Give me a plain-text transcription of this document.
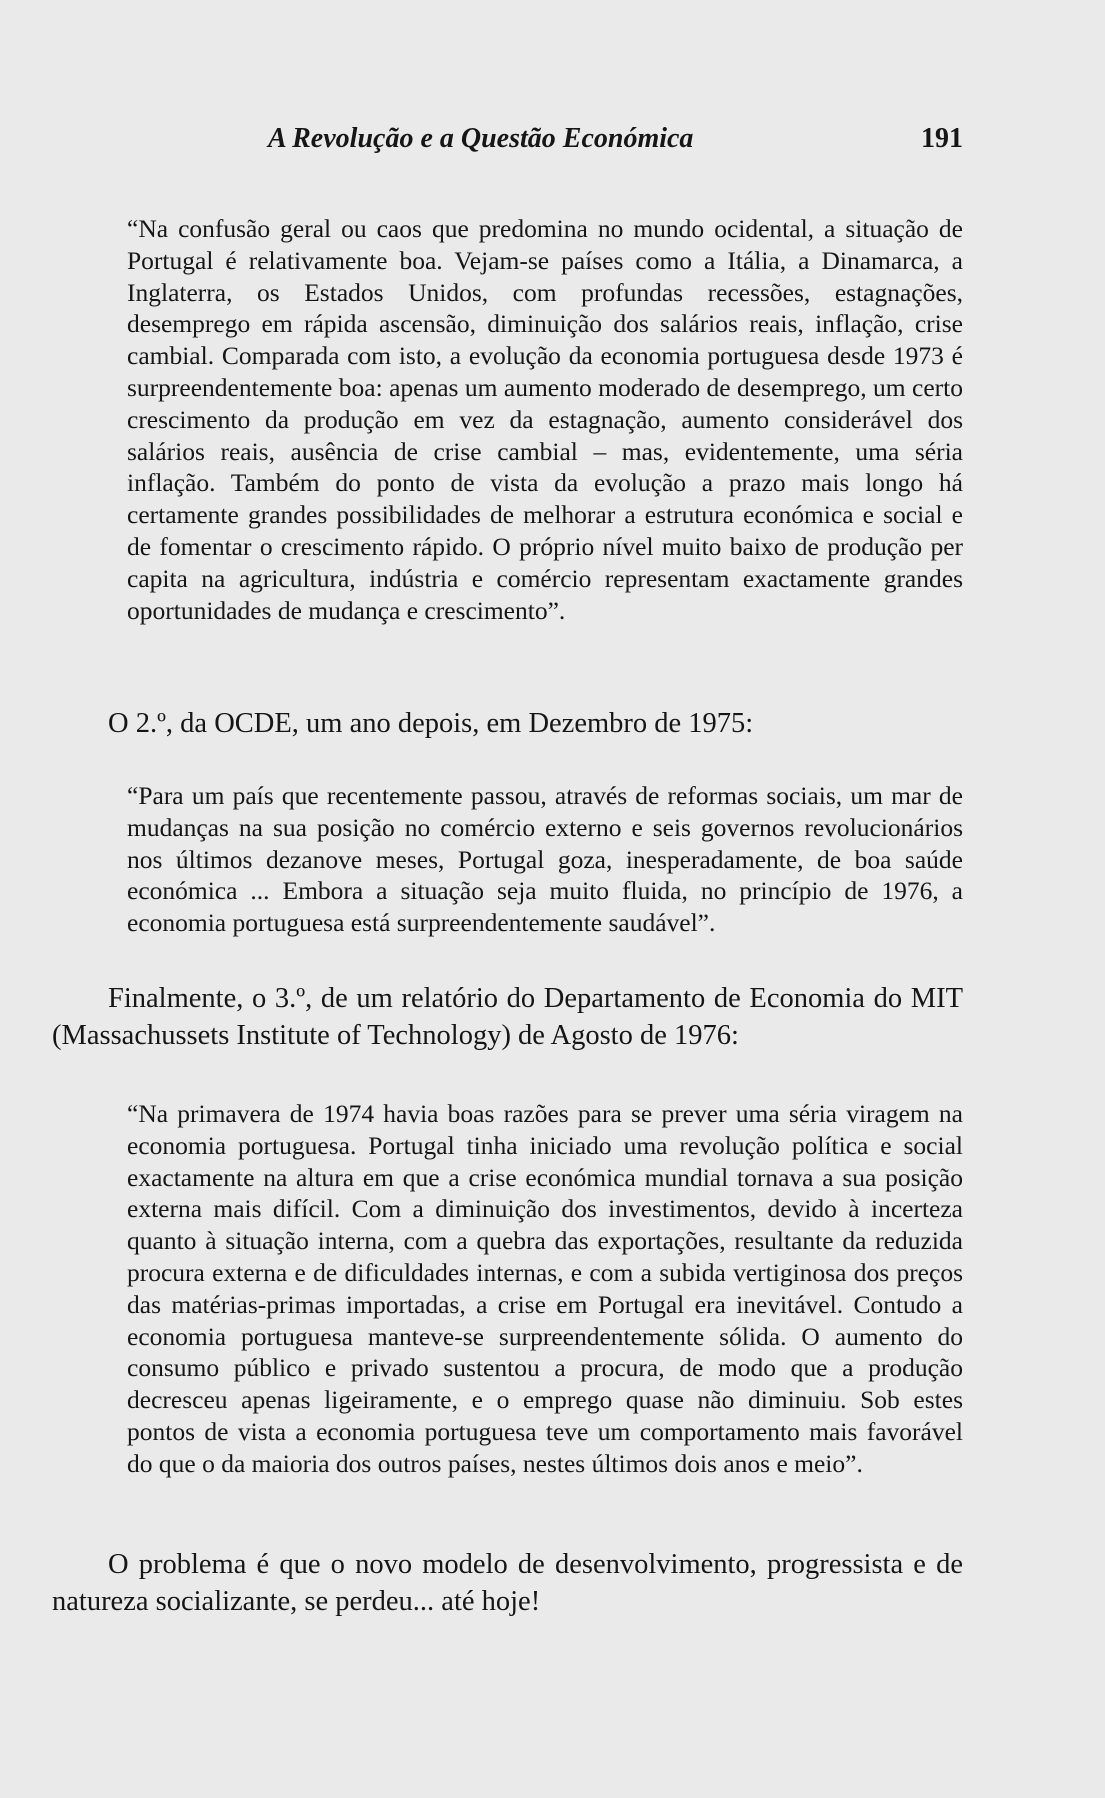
A Revolução e a Questão Económica	191

“Na confusão geral ou caos que predomina no mundo ocidental, a situação de Portugal é relativamente boa. Vejam-se países como a Itália, a Dinamarca, a Inglaterra, os Estados Unidos, com profundas recessões, estagnações, desemprego em rápida ascensão, diminuição dos salários reais, inflação, crise cambial. Comparada com isto, a evolução da economia portuguesa desde 1973 é surpreendentemente boa: apenas um aumento moderado de desemprego, um certo crescimento da produção em vez da estagnação, aumento considerável dos salários reais, ausência de crise cambial – mas, evidentemente, uma séria inflação. Também do ponto de vista da evolução a prazo mais longo há certamente grandes possibilidades de melhorar a estrutura económica e social e de fomentar o crescimento rápido. O próprio nível muito baixo de produção per capita na agricultura, indústria e comércio representam exactamente grandes oportunidades de mudança e crescimento”.

O 2.º, da OCDE, um ano depois, em Dezembro de 1975:

“Para um país que recentemente passou, através de reformas sociais, um mar de mudanças na sua posição no comércio externo e seis governos revolucionários nos últimos dezanove meses, Portugal goza, inesperadamente, de boa saúde económica ... Embora a situação seja muito fluida, no princípio de 1976, a economia portuguesa está surpreendentemente saudável”.

Finalmente, o 3.º, de um relatório do Departamento de Economia do MIT (Massachussets Institute of Technology) de Agosto de 1976:

“Na primavera de 1974 havia boas razões para se prever uma séria viragem na economia portuguesa. Portugal tinha iniciado uma revolução política e social exactamente na altura em que a crise económica mundial tornava a sua posição externa mais difícil. Com a diminuição dos investimentos, devido à incerteza quanto à situação interna, com a quebra das exportações, resultante da reduzida procura externa e de dificuldades internas, e com a subida vertiginosa dos preços das matérias-primas importadas, a crise em Portugal era inevitável. Contudo a economia portuguesa manteve-se surpreendentemente sólida. O aumento do consumo público e privado sustentou a procura, de modo que a produção decresceu apenas ligeiramente, e o emprego quase não diminuiu. Sob estes pontos de vista a economia portuguesa teve um comportamento mais favorável do que o da maioria dos outros países, nestes últimos dois anos e meio”.

O problema é que o novo modelo de desenvolvimento, progressista e de natureza socializante, se perdeu... até hoje!
